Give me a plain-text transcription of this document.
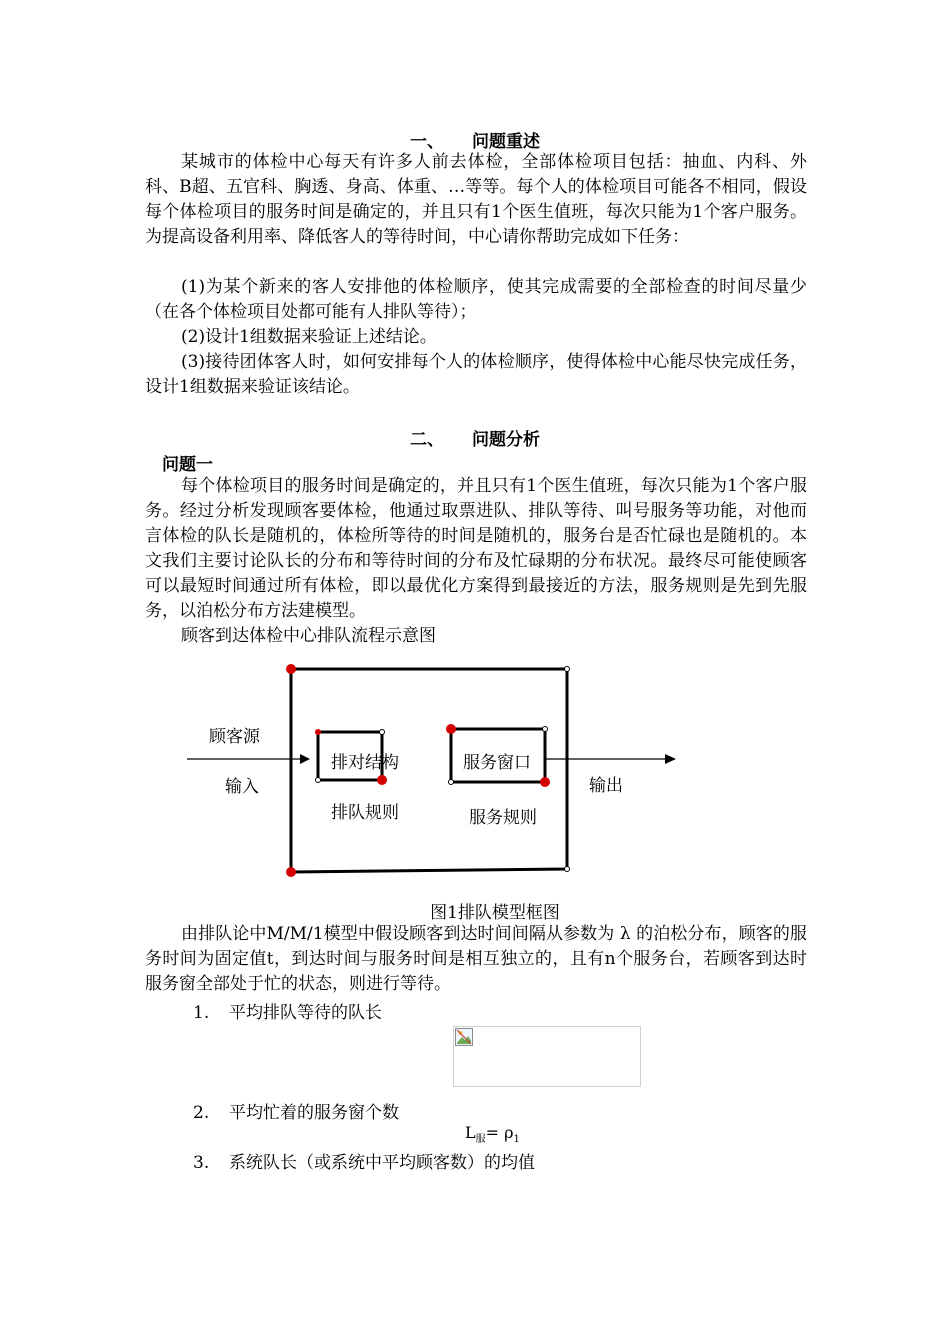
一、 问题重述
某城市的体检中心每天有许多人前去体检，全部体检项目包括：抽血、内科、外科、B超、五官科、胸透、身高、体重、…等等。每个人的体检项目可能各不相同，假设每个体检项目的服务时间是确定的，并且只有1个医生值班，每次只能为1个客户服务。为提高设备利用率、降低客人的等待时间，中心请你帮助完成如下任务：
(1)为某个新来的客人安排他的体检顺序，使其完成需要的全部检查的时间尽量少（在各个体检项目处都可能有人排队等待）；
(2)设计1组数据来验证上述结论。
(3)接待团体客人时，如何安排每个人的体检顺序，使得体检中心能尽快完成任务，设计1组数据来验证该结论。
二、 问题分析
问题一
每个体检项目的服务时间是确定的，并且只有1个医生值班，每次只能为1个客户服务。经过分析发现顾客要体检，他通过取票进队、排队等待、叫号服务等功能，对他而言体检的队长是随机的，体检所等待的时间是随机的，服务台是否忙碌也是随机的。本文我们主要讨论队长的分布和等待时间的分布及忙碌期的分布状况。最终尽可能使顾客可以最短时间通过所有体检，即以最优化方案得到最接近的方法，服务规则是先到先服务，以泊松分布方法建模型。
顾客到达体检中心排队流程示意图
顾客源
输入
排对结构
排队规则
服务窗口
服务规则
输出
图1排队模型框图
由排队论中M/M/1模型中假设顾客到达时间间隔从参数为 λ 的泊松分布，顾客的服务时间为固定值t，到达时间与服务时间是相互独立的，且有n个服务台，若顾客到达时服务窗全部处于忙的状态，则进行等待。
1. 平均排队等待的队长
2. 平均忙着的服务窗个数
$L_服= \rho_1$
3. 系统队长（或系统中平均顾客数）的均值
